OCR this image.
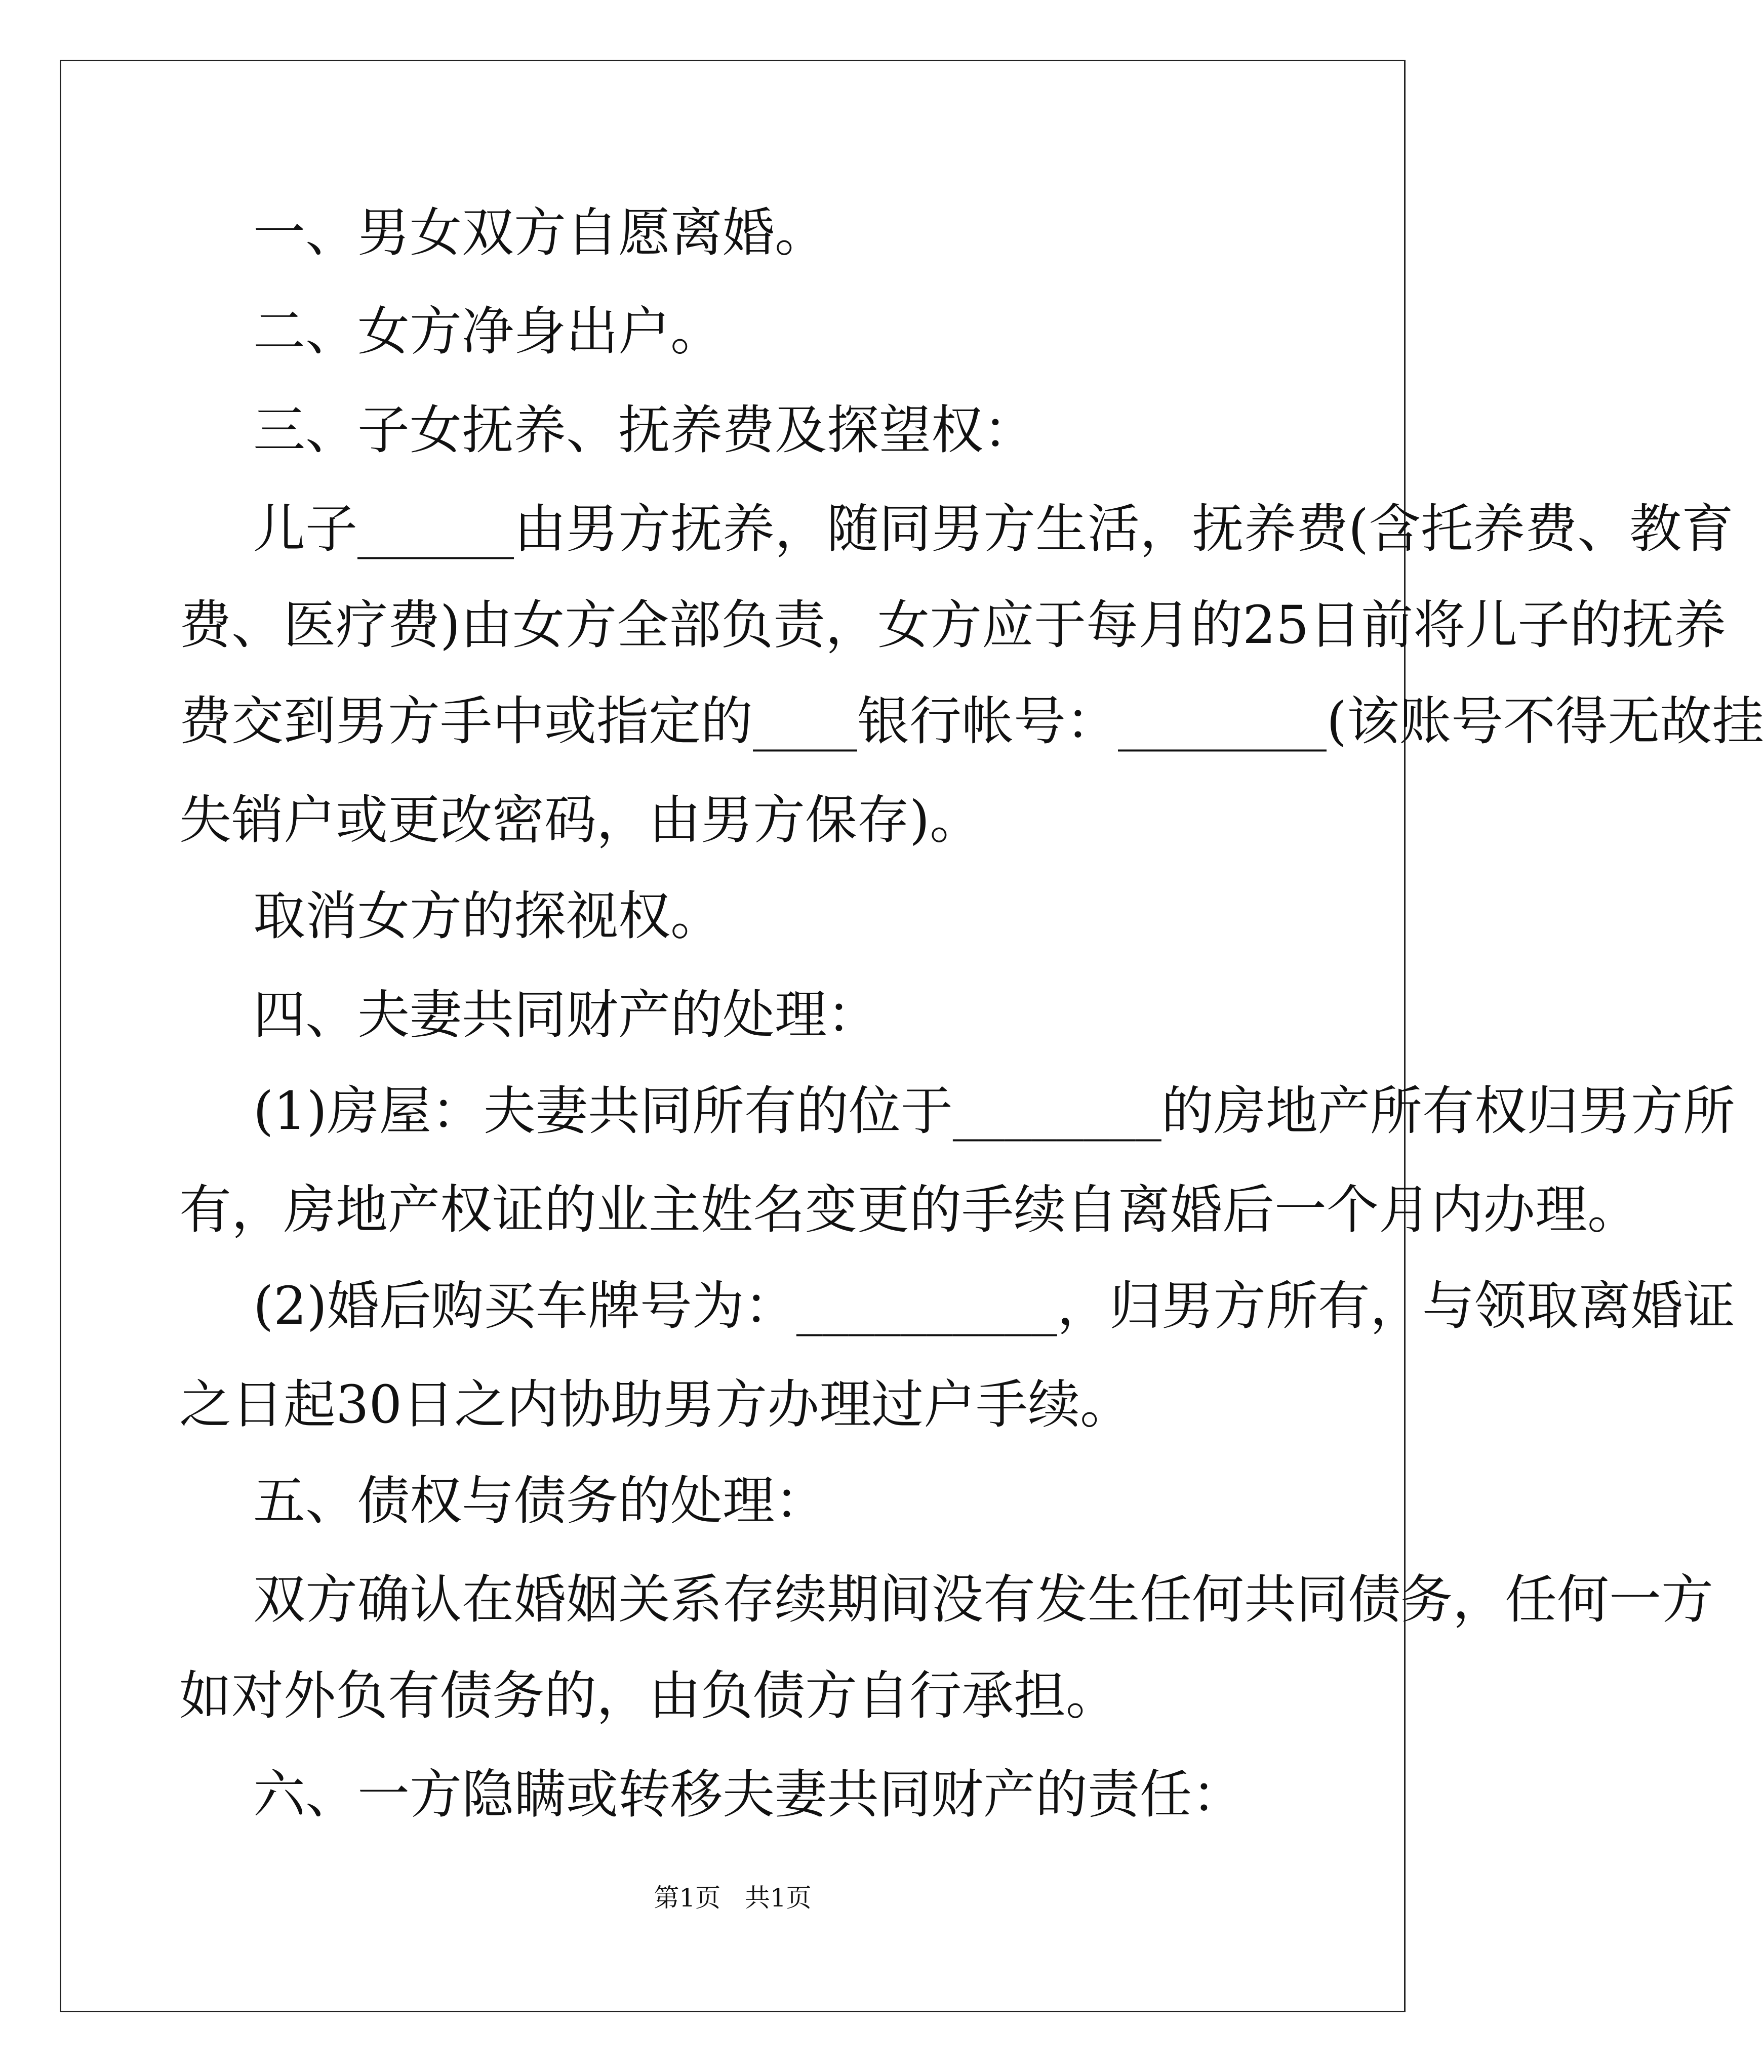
一、男女双方自愿离婚。
二、女方净身出户。
三、子女抚养、抚养费及探望权：
儿子______由男方抚养，随同男方生活，抚养费(含托养费、教育
费、医疗费)由女方全部负责，女方应于每月的25日前将儿子的抚养
费交到男方手中或指定的____银行帐号：________(该账号不得无故挂
失销户或更改密码，由男方保存)。
取消女方的探视权。
四、夫妻共同财产的处理：
(1)房屋：夫妻共同所有的位于________的房地产所有权归男方所
有，房地产权证的业主姓名变更的手续自离婚后一个月内办理。
(2)婚后购买车牌号为：__________，归男方所有，与领取离婚证
之日起30日之内协助男方办理过户手续。
五、债权与债务的处理：
双方确认在婚姻关系存续期间没有发生任何共同债务，任何一方
如对外负有债务的，由负债方自行承担。
六、一方隐瞒或转移夫妻共同财产的责任：
第1页   共1页
